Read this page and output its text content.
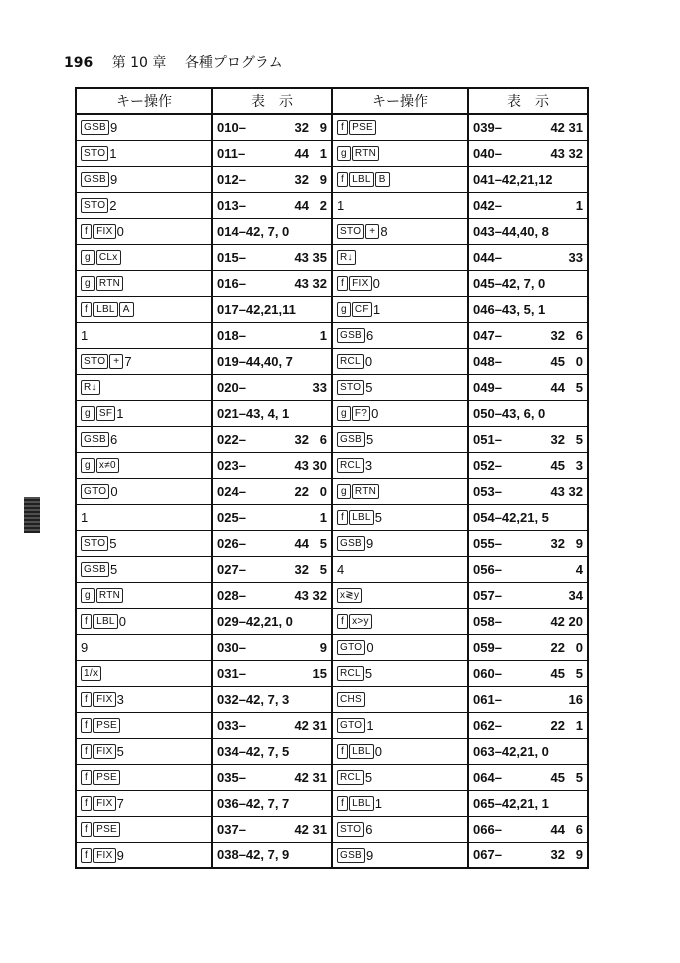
196 第 10 章 各種プログラム
キー操作	表　示	キー操作	表　示
GSB 9	010– 32   9	f PSE	039– 42 31

STO 1	011– 44   1	g RTN	040– 43 32

GSB 9	012– 32   9	f LBL B	041–42,21,12

STO 2	013– 44   2	1	042– 1

f FIX 0	014–42, 7, 0	STO + 8	043–44,40, 8

g CLx	015– 43 35	R↓	044– 33

g RTN	016– 43 32	f FIX 0	045–42, 7, 0

f LBL A	017–42,21,11	g CF 1	046–43, 5, 1

1	018– 1	GSB 6	047– 32   6

STO + 7	019–44,40, 7	RCL 0	048– 45   0

R↓	020– 33	STO 5	049– 44   5

g SF 1	021–43, 4, 1	g F? 0	050–43, 6, 0

GSB 6	022– 32   6	GSB 5	051– 32   5

g x≠0	023– 43 30	RCL 3	052– 45   3

GTO 0	024– 22   0	g RTN	053– 43 32

1	025– 1	f LBL 5	054–42,21, 5

STO 5	026– 44   5	GSB 9	055– 32   9

GSB 5	027– 32   5	4	056– 4

g RTN	028– 43 32	x≷y	057– 34

f LBL 0	029–42,21, 0	f x>y	058– 42 20

9	030– 9	GTO 0	059– 22   0

1/x	031– 15	RCL 5	060– 45   5

f FIX 3	032–42, 7, 3	CHS	061– 16

f PSE	033– 42 31	GTO 1	062– 22   1

f FIX 5	034–42, 7, 5	f LBL 0	063–42,21, 0

f PSE	035– 42 31	RCL 5	064– 45   5

f FIX 7	036–42, 7, 7	f LBL 1	065–42,21, 1

f PSE	037– 42 31	STO 6	066– 44   6

f FIX 9	038–42, 7, 9	GSB 9	067– 32   9
